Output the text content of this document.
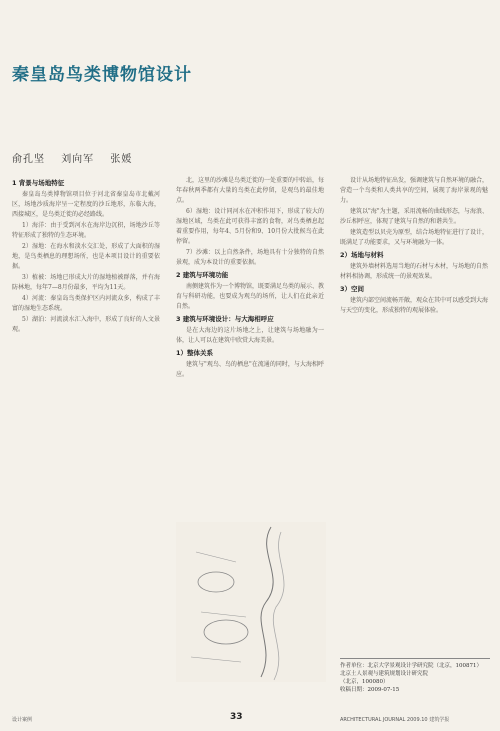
秦皇岛鸟类博物馆设计
俞孔坚 刘向军 张媛
1 背景与场地特征

秦皇岛鸟类博物馆项目位于河北省秦皇岛市北戴河区，场地沙质海岸呈一定程度的沙丘地形，东临大海，西接城区，是鸟类迁徙的必经路线。

1）海洋：由于受到河水在海岸边沉积，场地沙丘等特征形成了独特的生态环境。

2）湿地：在海水和淡水交汇处，形成了大面积的湿地，是鸟类栖息的理想场所，也是本项目设计的重要依据。

3）植被：场地已形成大片的湿地植被群落，并有海防林地，每年7—8月份最多，平均为11天。

4）河流：秦皇岛鸟类保护区内河流众多，构成了丰富的湿地生态系统。

5）湖泊：河流淡水汇入海中，形成了良好的人文景观。

北，这里的沙滩是鸟类迁徙的一处重要的中转站，每年春秋两季都有大量的鸟类在此停留，是观鸟的最佳地点。

6）湿地：设计同河水在冲积作用下，形成了较大的湿地区域，鸟类在此可获得丰富的食物，对鸟类栖息起着重要作用，每年4、5月份和9、10月份大批候鸟在此停留。

7）沙滩：以上自然条件，场地具有十分独特的自然景观，成为本设计的重要依据。

2 建筑与环境功能

南侧建筑作为一个博物馆，既要满足鸟类的展示、教育与科研功能，也要成为观鸟的场所，让人们在此亲近自然。

3 建筑与环境设计：与大海相呼应

是在大海边的这片场地之上，让建筑与场地融为一体，让人可以在建筑中欣赏大海美景。

1）整体关系

建筑与"观鸟、鸟的栖息"在流通的同时，与大海相呼应。

设计从场地特征出发，强调建筑与自然环境的融合，营造一个鸟类和人类共享的空间，展现了海岸景观的魅力。

建筑以"海"为主题，采用流畅的曲线形态，与海浪、沙丘相呼应，体现了建筑与自然的和谐共生。

建筑造型以贝壳为原型，结合场地特征进行了设计，既满足了功能要求，又与环境融为一体。

2）场地与材料

建筑外墙材料选用当地的石材与木材，与场地的自然材料相协调，形成统一的景观效果。

3）空间

建筑内部空间流畅开敞，观众在其中可以感受到大海与天空的变化，形成独特的观展体验。

作者单位：北京大学景观设计学研究院（北京，100871）
北京土人景观与建筑规划设计研究院
（北京，100080）
收稿日期：2009-07-15
设计案例	33	ARCHITECTURAL JOURNAL 2009.10 建筑学报
